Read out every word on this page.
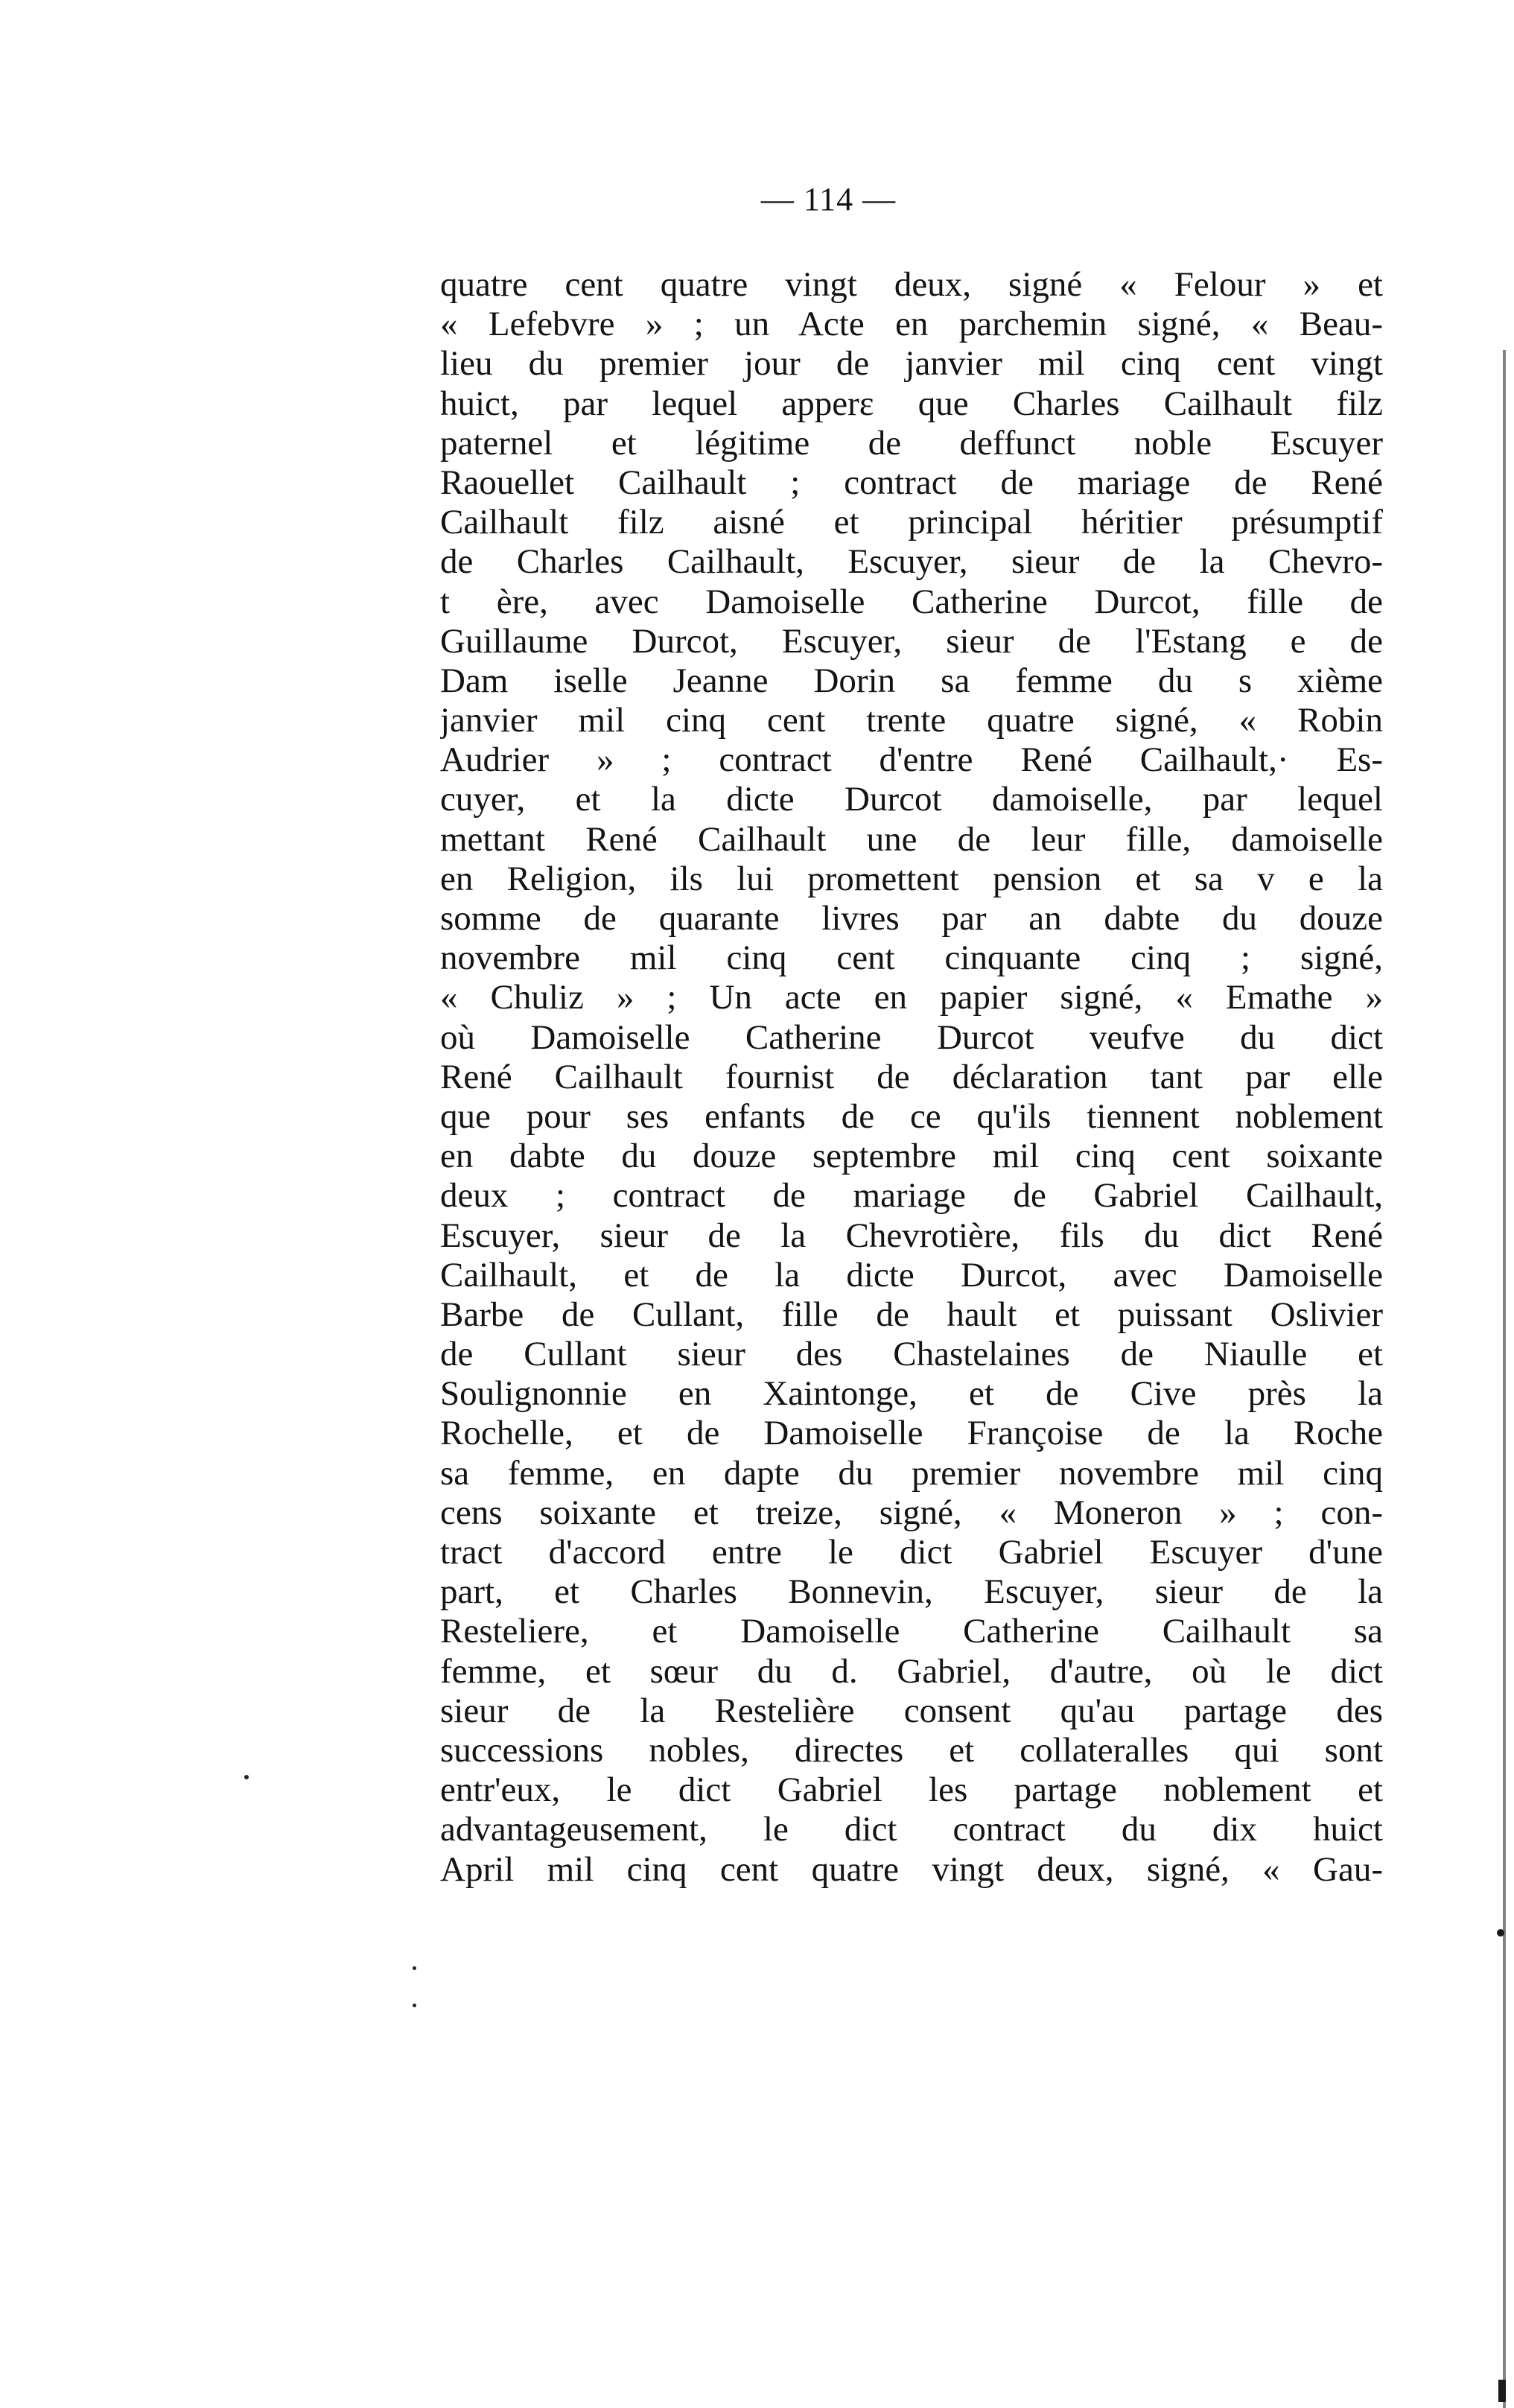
— 114 —
quatre cent quatre vingt deux, signé « Felour » et
« Lefebvre » ; un Acte en parchemin signé, « Beau-
lieu du premier jour de janvier mil cinq cent vingt
huict, par lequel apperɛ que Charles Cailhault filz
paternel et légitime de deffunct noble Escuyer
Raouellet Cailhault ; contract de mariage de René
Cailhault filz aisné et principal héritier présumptif
de Charles Cailhault, Escuyer, sieur de la Chevro-
t ère, avec Damoiselle Catherine Durcot, fille de
Guillaume Durcot, Escuyer, sieur de l'Estang e de
Dam iselle Jeanne Dorin sa femme du s xième
janvier mil cinq cent trente quatre signé, « Robin
Audrier » ; contract d'entre René Cailhault,· Es-
cuyer, et la dicte Durcot damoiselle, par lequel
mettant René Cailhault une de leur fille, damoiselle
en Religion, ils lui promettent pension et sa v e la
somme de quarante livres par an dabte du douze
novembre mil cinq cent cinquante cinq ; signé,
« Chuliz » ; Un acte en papier signé, « Emathe »
où Damoiselle Catherine Durcot veufve du dict
René Cailhault fournist de déclaration tant par elle
que pour ses enfants de ce qu'ils tiennent noblement
en dabte du douze septembre mil cinq cent soixante
deux ; contract de mariage de Gabriel Cailhault,
Escuyer, sieur de la Chevrotière, fils du dict René
Cailhault, et de la dicte Durcot, avec Damoiselle
Barbe de Cullant, fille de hault et puissant Oslivier
de Cullant sieur des Chastelaines de Niaulle et
Soulignonnie en Xaintonge, et de Cive près la
Rochelle, et de Damoiselle Françoise de la Roche
sa femme, en dapte du premier novembre mil cinq
cens soixante et treize, signé, « Moneron » ; con-
tract d'accord entre le dict Gabriel Escuyer d'une
part, et Charles Bonnevin, Escuyer, sieur de la
Resteliere, et Damoiselle Catherine Cailhault sa
femme, et sœur du d. Gabriel, d'autre, où le dict
sieur de la Restelière consent qu'au partage des
successions nobles, directes et collateralles qui sont
entr'eux, le dict Gabriel les partage noblement et
advantageusement, le dict contract du dix huict
April mil cinq cent quatre vingt deux, signé, « Gau-
